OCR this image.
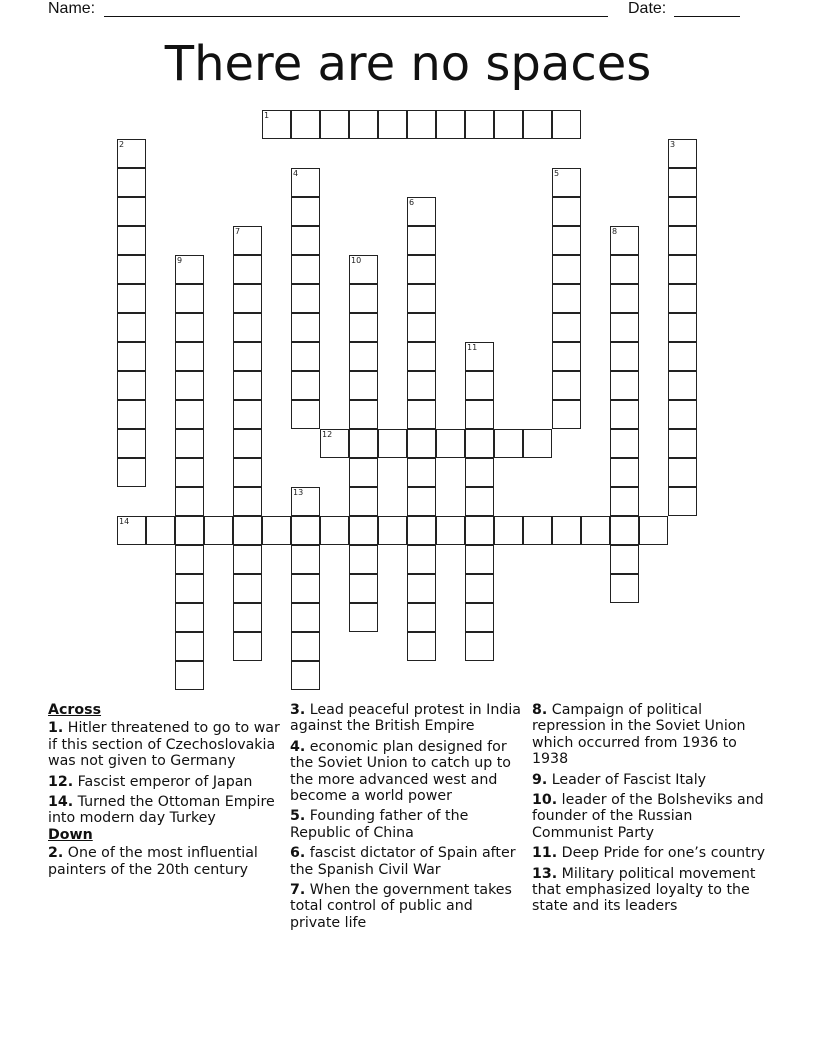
Name:	Date:
There are no spaces
1
2	3
4	5
6
7	8
9	10
11
12
13
14
Across
1. Hitler threatened to go to war if this section of Czechoslovakia was not given to Germany
12. Fascist emperor of Japan
14. Turned the Ottoman Empire into modern day Turkey
Down
2. One of the most influential painters of the 20th century
3. Lead peaceful protest in India against the British Empire
4. economic plan designed for the Soviet Union to catch up to the more advanced west and become a world power
5. Founding father of the Republic of China
6. fascist dictator of Spain after the Spanish Civil War
7. When the government takes total control of public and private life
8. Campaign of political repression in the Soviet Union which occurred from 1936 to 1938
9. Leader of Fascist Italy
10. leader of the Bolsheviks and founder of the Russian Communist Party
11. Deep Pride for one’s country
13. Military political movement that emphasized loyalty to the state and its leaders
